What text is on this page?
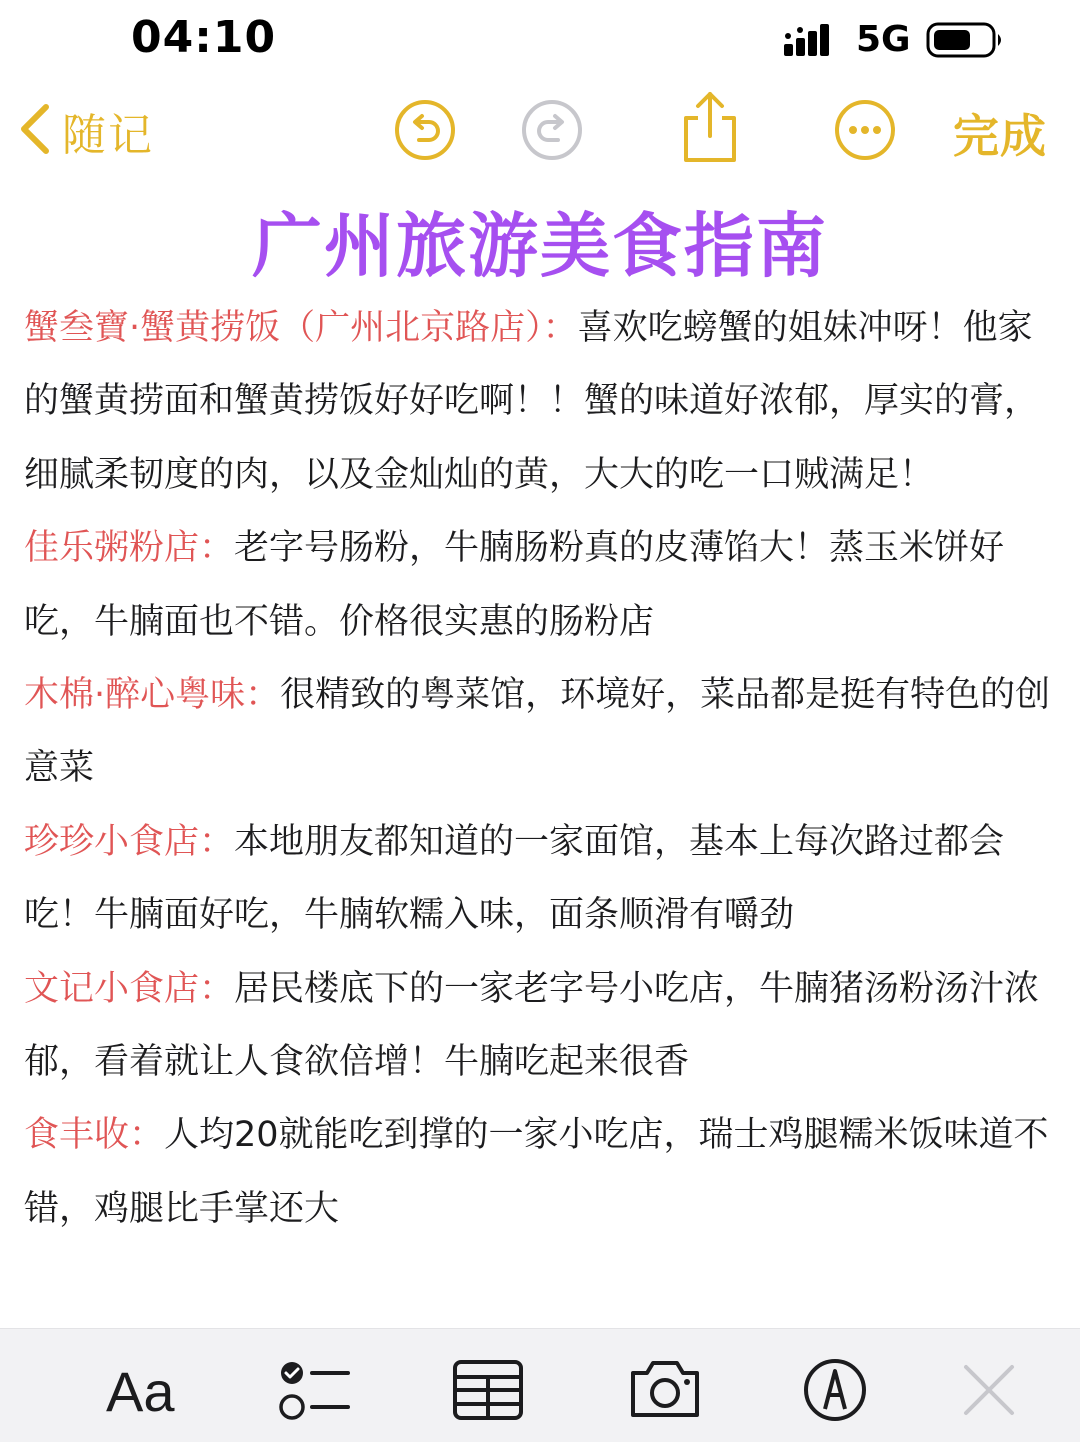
04:10	5G
随记	完成
广州旅游美食指南

蟹叁寶·蟹黄捞饭（广州北京路店）：喜欢吃螃蟹的姐妹冲呀！他家的蟹黄捞面和蟹黄捞饭好好吃啊！！蟹的味道好浓郁，厚实的膏，细腻柔韧度的肉，以及金灿灿的黄，大大的吃一口贼满足！

佳乐粥粉店：老字号肠粉，牛腩肠粉真的皮薄馅大！蒸玉米饼好吃，牛腩面也不错。价格很实惠的肠粉店

木棉·醉心粤味：很精致的粤菜馆，环境好，菜品都是挺有特色的创意菜

珍珍小食店：本地朋友都知道的一家面馆，基本上每次路过都会吃！牛腩面好吃，牛腩软糯入味，面条顺滑有嚼劲

文记小食店：居民楼底下的一家老字号小吃店，牛腩猪汤粉汤汁浓郁，看着就让人食欲倍增！牛腩吃起来很香

食丰收：人均20就能吃到撑的一家小吃店，瑞士鸡腿糯米饭味道不错，鸡腿比手掌还大

Aa
